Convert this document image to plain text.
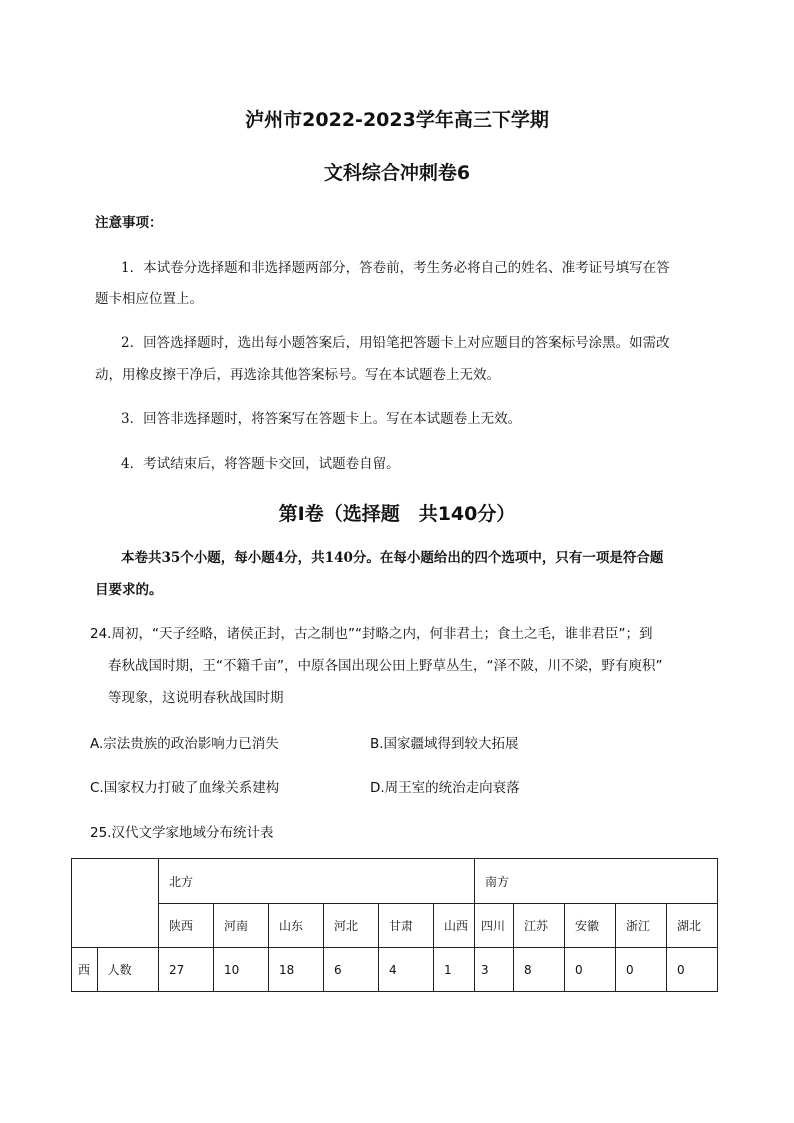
泸州市2022-2023学年高三下学期
文科综合冲刺卷6
注意事项：
1．本试卷分选择题和非选择题两部分，答卷前，考生务必将自己的姓名、准考证号填写在答
题卡相应位置上。
2．回答选择题时，选出每小题答案后，用铅笔把答题卡上对应题目的答案标号涂黑。如需改
动，用橡皮擦干净后，再选涂其他答案标号。写在本试题卷上无效。
3．回答非选择题时，将答案写在答题卡上。写在本试题卷上无效。
4．考试结束后，将答题卡交回，试题卷自留。
第Ⅰ卷（选择题　共140分）
本卷共35个小题，每小题4分，共140分。在每小题给出的四个选项中，只有一项是符合题
目要求的。
24.周初，“天子经略，诸侯正封，古之制也”“封略之内，何非君土；食土之毛，谁非君臣”；到
春秋战国时期，王“不籍千亩”，中原各国出现公田上野草丛生，“泽不陂，川不梁，野有庾积”
等现象，这说明春秋战国时期
A.宗法贵族的政治影响力已消失	B.国家疆域得到较大拓展
C.国家权力打破了血缘关系建构	D.周王室的统治走向衰落
25.汉代文学家地域分布统计表
		北方						南方				
		陕西	河南	山东	河北	甘肃	山西	四川	江苏	安徽	浙江	湖北
西	人数	27	10	18	6	4	1	3	8	0	0	0
